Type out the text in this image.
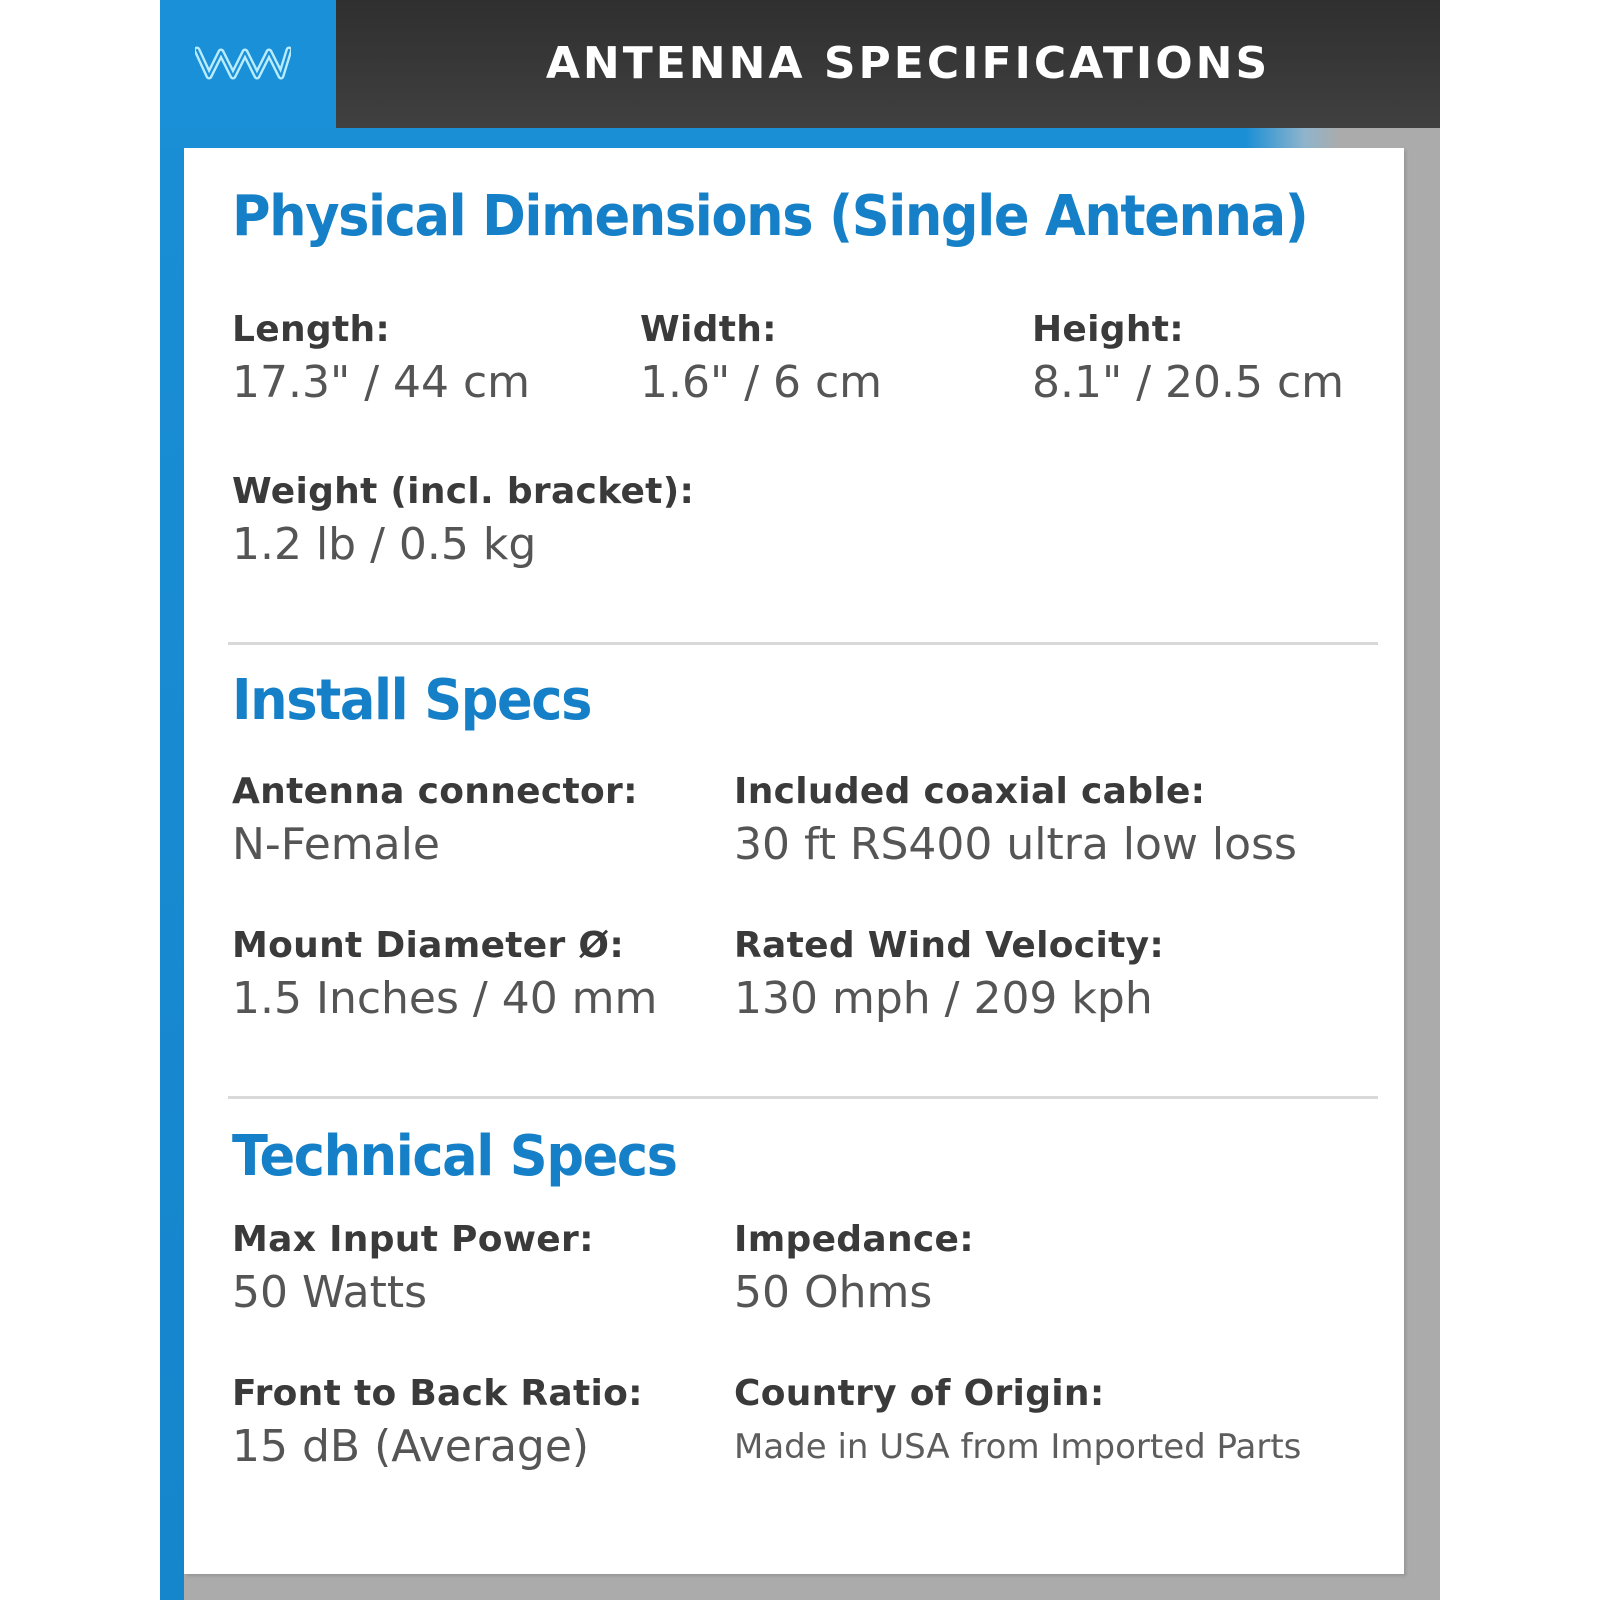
ANTENNA SPECIFICATIONS
Physical Dimensions (Single Antenna)
Length:
17.3" / 44 cm
Width:
1.6" / 6 cm
Height:
8.1" / 20.5 cm
Weight (incl. bracket):
1.2 lb / 0.5 kg
Install Specs
Antenna connector:
N-Female
Included coaxial cable:
30 ft RS400 ultra low loss
Mount Diameter Ø:
1.5 Inches / 40 mm
Rated Wind Velocity:
130 mph / 209 kph
Technical Specs
Max Input Power:
50 Watts
Impedance:
50 Ohms
Front to Back Ratio:
15 dB (Average)
Country of Origin:
Made in USA from Imported Parts
